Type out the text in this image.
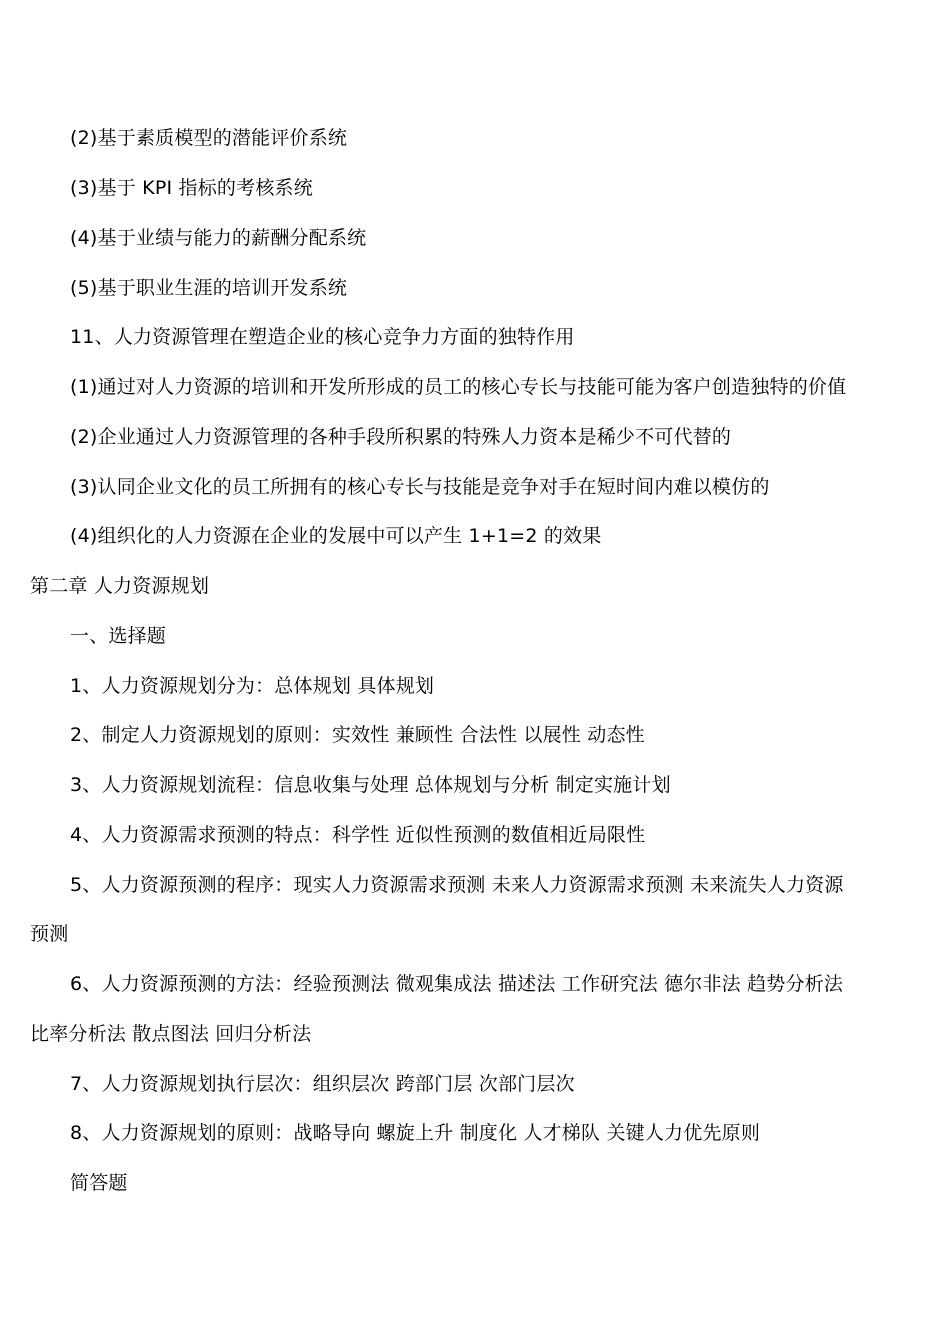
(2)基于素质模型的潜能评价系统
(3)基于 KPI 指标的考核系统
(4)基于业绩与能力的薪酬分配系统
(5)基于职业生涯的培训开发系统
11、人力资源管理在塑造企业的核心竞争力方面的独特作用
(1)通过对人力资源的培训和开发所形成的员工的核心专长与技能可能为客户创造独特的价值
(2)企业通过人力资源管理的各种手段所积累的特殊人力资本是稀少不可代替的
(3)认同企业文化的员工所拥有的核心专长与技能是竞争对手在短时间内难以模仿的
(4)组织化的人力资源在企业的发展中可以产生 1+1=2 的效果
第二章 人力资源规划
一、选择题
1、人力资源规划分为：总体规划 具体规划
2、制定人力资源规划的原则：实效性 兼顾性 合法性 以展性 动态性
3、人力资源规划流程：信息收集与处理 总体规划与分析 制定实施计划
4、人力资源需求预测的特点：科学性 近似性预测的数值相近局限性
5、人力资源预测的程序：现实人力资源需求预测 未来人力资源需求预测 未来流失人力资源
预测
6、人力资源预测的方法：经验预测法 微观集成法 描述法 工作研究法 德尔非法 趋势分析法
比率分析法 散点图法 回归分析法
7、人力资源规划执行层次：组织层次 跨部门层 次部门层次
8、人力资源规划的原则：战略导向 螺旋上升 制度化 人才梯队 关键人力优先原则
简答题
